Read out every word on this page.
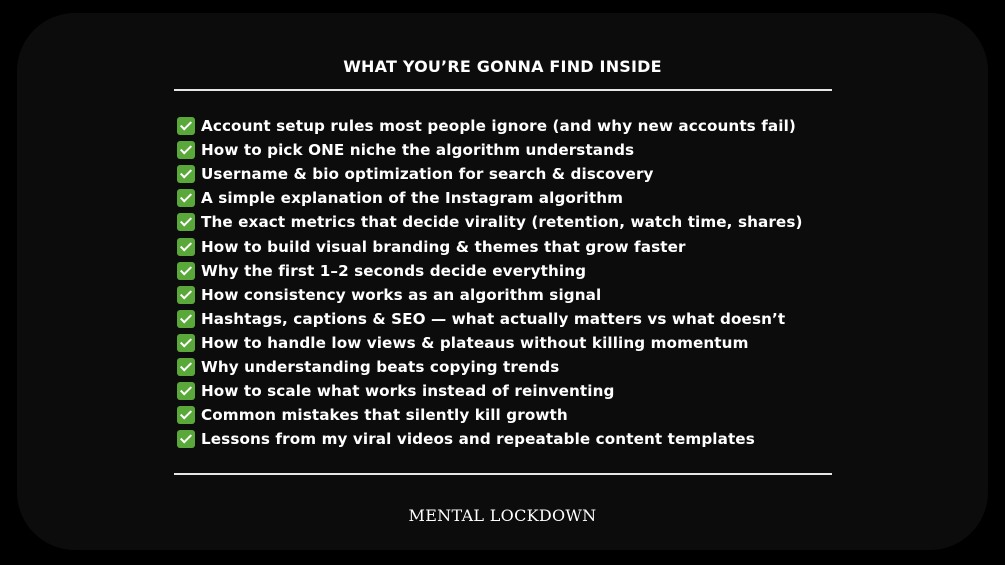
WHAT YOU’RE GONNA FIND INSIDE
Account setup rules most people ignore (and why new accounts fail)
How to pick ONE niche the algorithm understands
Username & bio optimization for search & discovery
A simple explanation of the Instagram algorithm
The exact metrics that decide virality (retention, watch time, shares)
How to build visual branding & themes that grow faster
Why the first 1–2 seconds decide everything
How consistency works as an algorithm signal
Hashtags, captions & SEO — what actually matters vs what doesn’t
How to handle low views & plateaus without killing momentum
Why understanding beats copying trends
How to scale what works instead of reinventing
Common mistakes that silently kill growth
Lessons from my viral videos and repeatable content templates
MENTAL LOCKDOWN
